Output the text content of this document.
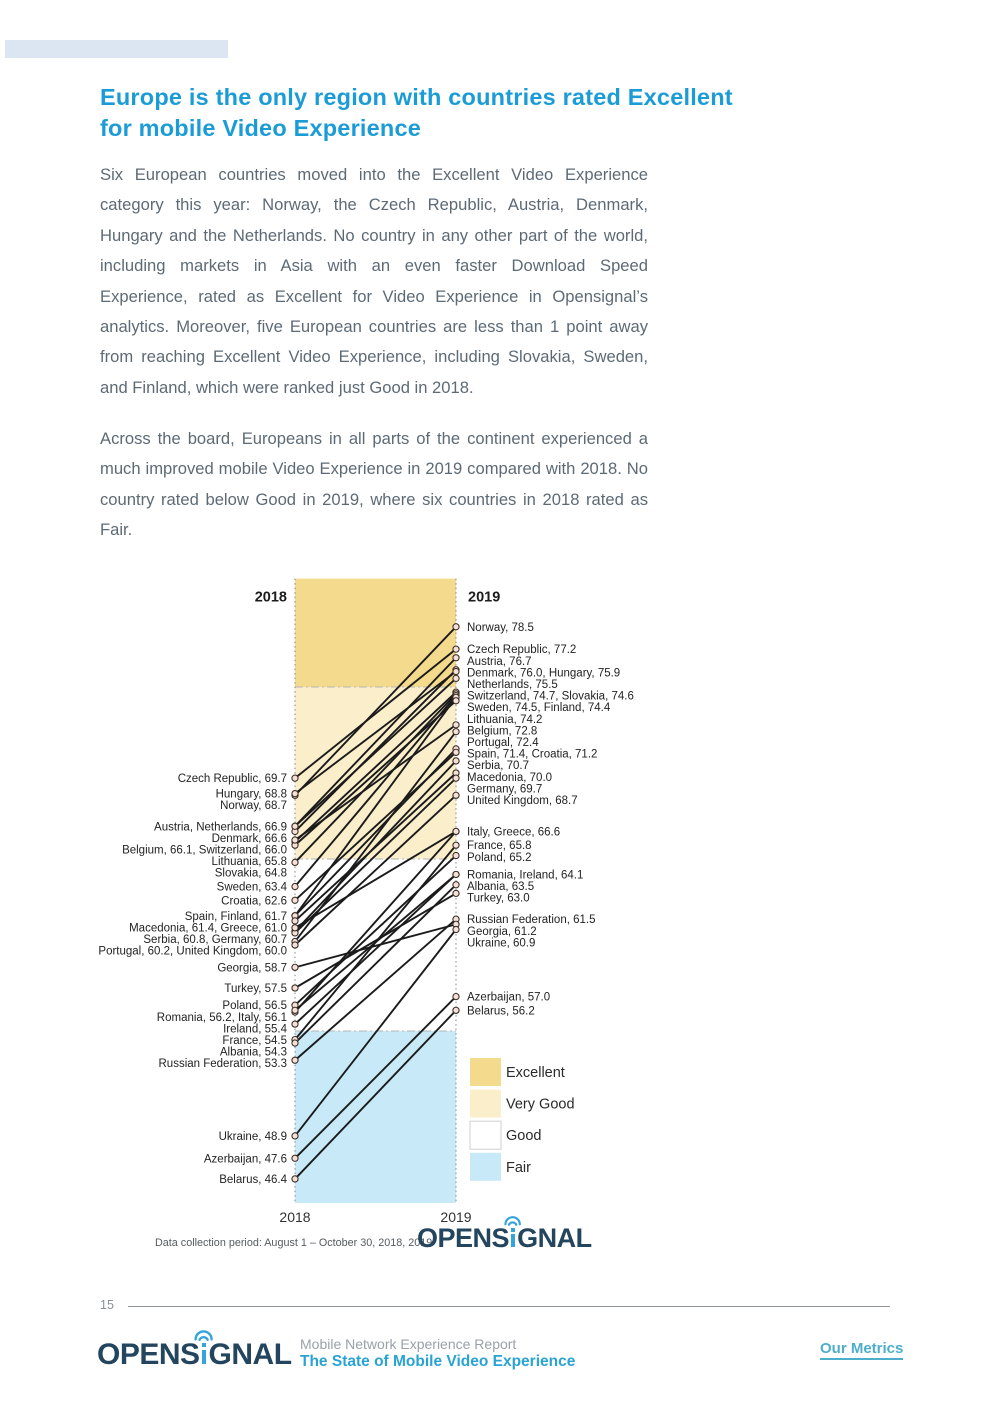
Europe is the only region with countries rated Excellent
for mobile Video Experience

Six European countries moved into the Excellent Video Experience category this year: Norway, the Czech Republic, Austria, Denmark, Hungary and the Netherlands. No country in any other part of the world, including markets in Asia with an even faster Download Speed Experience, rated as Excellent for Video Experience in Opensignal’s analytics. Moreover, five European countries are less than 1 point away from reaching Excellent Video Experience, including Slovakia, Sweden, and Finland, which were ranked just Good in 2018.

Across the board, Europeans in all parts of the continent experienced a much improved mobile Video Experience in 2019 compared with 2018. No country rated below Good in 2019, where six countries in 2018 rated as Fair.

2018	2019
2018	2019
Czech Republic, 69.7
Hungary, 68.8
Norway, 68.7
Austria, Netherlands, 66.9
Denmark, 66.6
Belgium, 66.1, Switzerland, 66.0
Lithuania, 65.8
Slovakia, 64.8
Sweden, 63.4
Croatia, 62.6
Spain, Finland, 61.7
Macedonia, 61.4, Greece, 61.0
Serbia, 60.8, Germany, 60.7
Portugal, 60.2, United Kingdom, 60.0
Georgia, 58.7
Turkey, 57.5
Poland, 56.5
Romania, 56.2, Italy, 56.1
Ireland, 55.4
France, 54.5
Albania, 54.3
Russian Federation, 53.3
Ukraine, 48.9
Azerbaijan, 47.6
Belarus, 46.4
Norway, 78.5
Czech Republic, 77.2
Austria, 76.7
Denmark, 76.0, Hungary, 75.9
Netherlands, 75.5
Switzerland, 74.7, Slovakia, 74.6
Sweden, 74.5, Finland, 74.4
Lithuania, 74.2
Belgium, 72.8
Portugal, 72.4
Spain, 71.4, Croatia, 71.2
Serbia, 70.7
Macedonia, 70.0
Germany, 69.7
United Kingdom, 68.7
Italy, Greece, 66.6
France, 65.8
Poland, 65.2
Romania, Ireland, 64.1
Albania, 63.5
Turkey, 63.0
Russian Federation, 61.5
Georgia, 61.2
Ukraine, 60.9
Azerbaijan, 57.0
Belarus, 56.2
Excellent
Very Good
Good
Fair
Data collection period: August 1 – October 30, 2018, 2019
OPENS GNAL
15
OPENS GNAL Mobile Network Experience Report
The State of Mobile Video Experience
Our Metrics
